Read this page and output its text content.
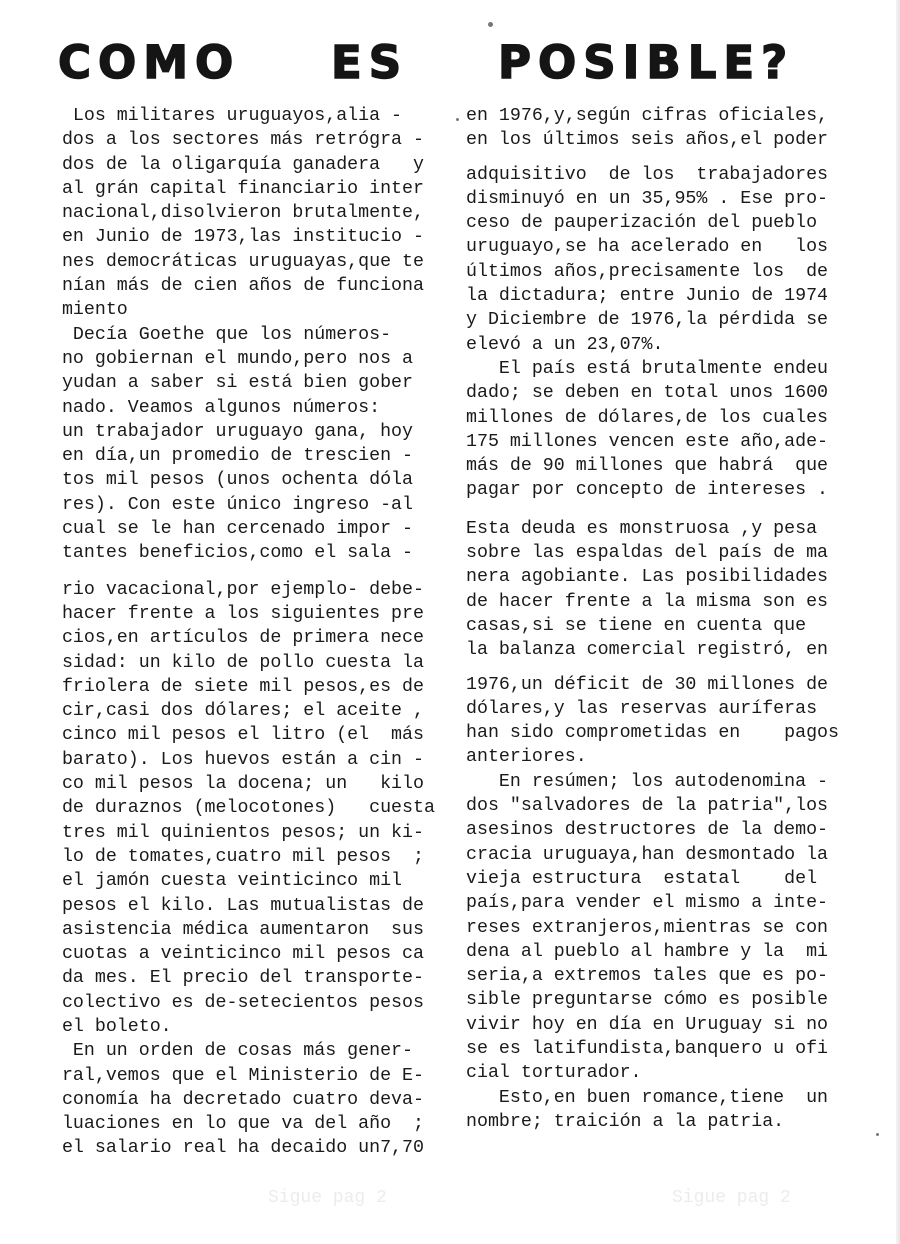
COMO ES POSIBLE?

Los militares uruguayos,alia -

dos a los sectores más retrógra -

dos de la oligarquía ganadera   y

al grán capital financiario inter

nacional,disolvieron brutalmente,

en Junio de 1973,las institucio -

nes democráticas uruguayas,que te

nían más de cien años de funciona

miento

Decía Goethe que los números-

no gobiernan el mundo,pero nos a

yudan a saber si está bien gober

nado. Veamos algunos números:

un trabajador uruguayo gana, hoy

en día,un promedio de trescien -

tos mil pesos (unos ochenta dóla

res). Con este único ingreso -al

cual se le han cercenado impor -

tantes beneficios,como el sala -

rio vacacional,por ejemplo- debe-

hacer frente a los siguientes pre

cios,en artículos de primera nece

sidad: un kilo de pollo cuesta la

friolera de siete mil pesos,es de

cir,casi dos dólares; el aceite ,

cinco mil pesos el litro (el  más

barato). Los huevos están a cin -

co mil pesos la docena; un   kilo

de duraznos (melocotones)   cuesta

tres mil quinientos pesos; un ki-

lo de tomates,cuatro mil pesos  ;

el jamón cuesta veinticinco mil

pesos el kilo. Las mutualistas de

asistencia médica aumentaron  sus

cuotas a veinticinco mil pesos ca

da mes. El precio del transporte-

colectivo es de-setecientos pesos

el boleto.

En un orden de cosas más gener-

ral,vemos que el Ministerio de E-

conomía ha decretado cuatro deva-

luaciones en lo que va del año  ;

el salario real ha decaido un7,70

en 1976,y,según cifras oficiales,

en los últimos seis años,el poder

adquisitivo  de los  trabajadores

disminuyó en un 35,95% . Ese pro-

ceso de pauperización del pueblo

uruguayo,se ha acelerado en   los

últimos años,precisamente los  de

la dictadura; entre Junio de 1974

y Diciembre de 1976,la pérdida se

elevó a un 23,07%.

El país está brutalmente endeu

dado; se deben en total unos 1600

millones de dólares,de los cuales

175 millones vencen este año,ade-

más de 90 millones que habrá  que

pagar por concepto de intereses .

Esta deuda es monstruosa ,y pesa

sobre las espaldas del país de ma

nera agobiante. Las posibilidades

de hacer frente a la misma son es

casas,si se tiene en cuenta que

la balanza comercial registró, en

1976,un déficit de 30 millones de

dólares,y las reservas auríferas

han sido comprometidas en    pagos

anteriores.

En resúmen; los autodenomina -

dos "salvadores de la patria",los

asesinos destructores de la demo-

cracia uruguaya,han desmontado la

vieja estructura  estatal    del

país,para vender el mismo a inte-

reses extranjeros,mientras se con

dena al pueblo al hambre y la  mi

seria,a extremos tales que es po-

sible preguntarse cómo es posible

vivir hoy en día en Uruguay si no

se es latifundista,banquero u ofi

cial torturador.

Esto,en buen romance,tiene  un

nombre; traición a la patria.

Sigue pag 2	Sigue pag 2
